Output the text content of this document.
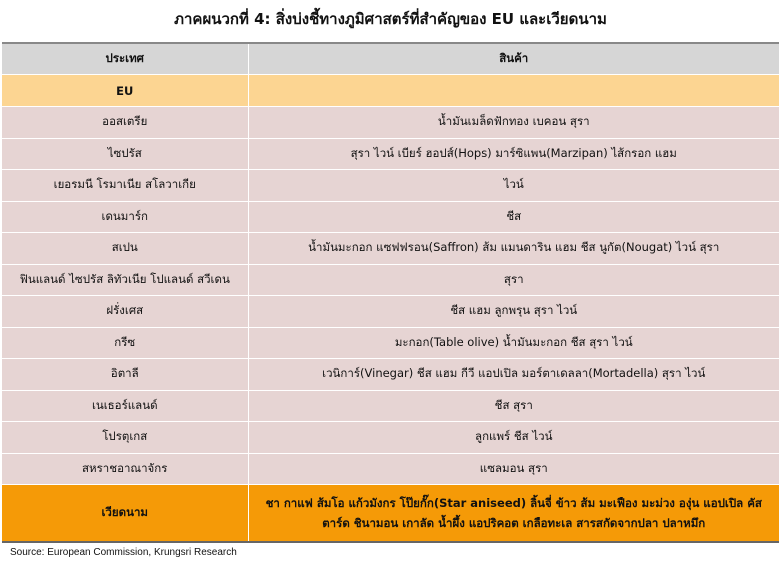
ภาคผนวกที่ 4: สิ่งบ่งชี้ทางภูมิศาสตร์ที่สำคัญของ EU และเวียดนาม
ประเทศ	สินค้า
EU	
ออสเตรีย	น้ำมันเมล็ดฟักทอง เบคอน สุรา
ไซปรัส	สุรา ไวน์ เบียร์ ฮอปส์(Hops) มาร์ซิแพน(Marzipan) ไส้กรอก แฮม
เยอรมนี โรมาเนีย สโลวาเกีย	ไวน์
เดนมาร์ก	ชีส
สเปน	น้ำมันมะกอก แซฟฟรอน(Saffron) ส้ม แมนดาริน แฮม ชีส นูกัต(Nougat) ไวน์ สุรา
ฟินแลนด์ ไซปรัส ลิทัวเนีย โปแลนด์ สวีเดน	สุรา
ฝรั่งเศส	ชีส แฮม ลูกพรุน สุรา ไวน์
กรีซ	มะกอก(Table olive) น้ำมันมะกอก ชีส สุรา ไวน์
อิตาลี	เวนิการ์(Vinegar) ชีส แฮม กีวี แอปเปิล มอร์ตาเดลลา(Mortadella) สุรา ไวน์
เนเธอร์แลนด์	ชีส สุรา
โปรตุเกส	ลูกแพร์ ชีส ไวน์
สหราชอาณาจักร	แซลมอน สุรา
เวียดนาม	ชา กาแฟ ส้มโอ แก้วมังกร โป๊ยกั๊ก(Star aniseed) ลิ้นจี่ ข้าว ส้ม มะเฟือง มะม่วง องุ่น แอปเปิล คัสตาร์ด ชินามอน เกาลัด น้ำผึ้ง แอปริคอต เกลือทะเล สารสกัดจากปลา ปลาหมึก
Source: European Commission, Krungsri Research
